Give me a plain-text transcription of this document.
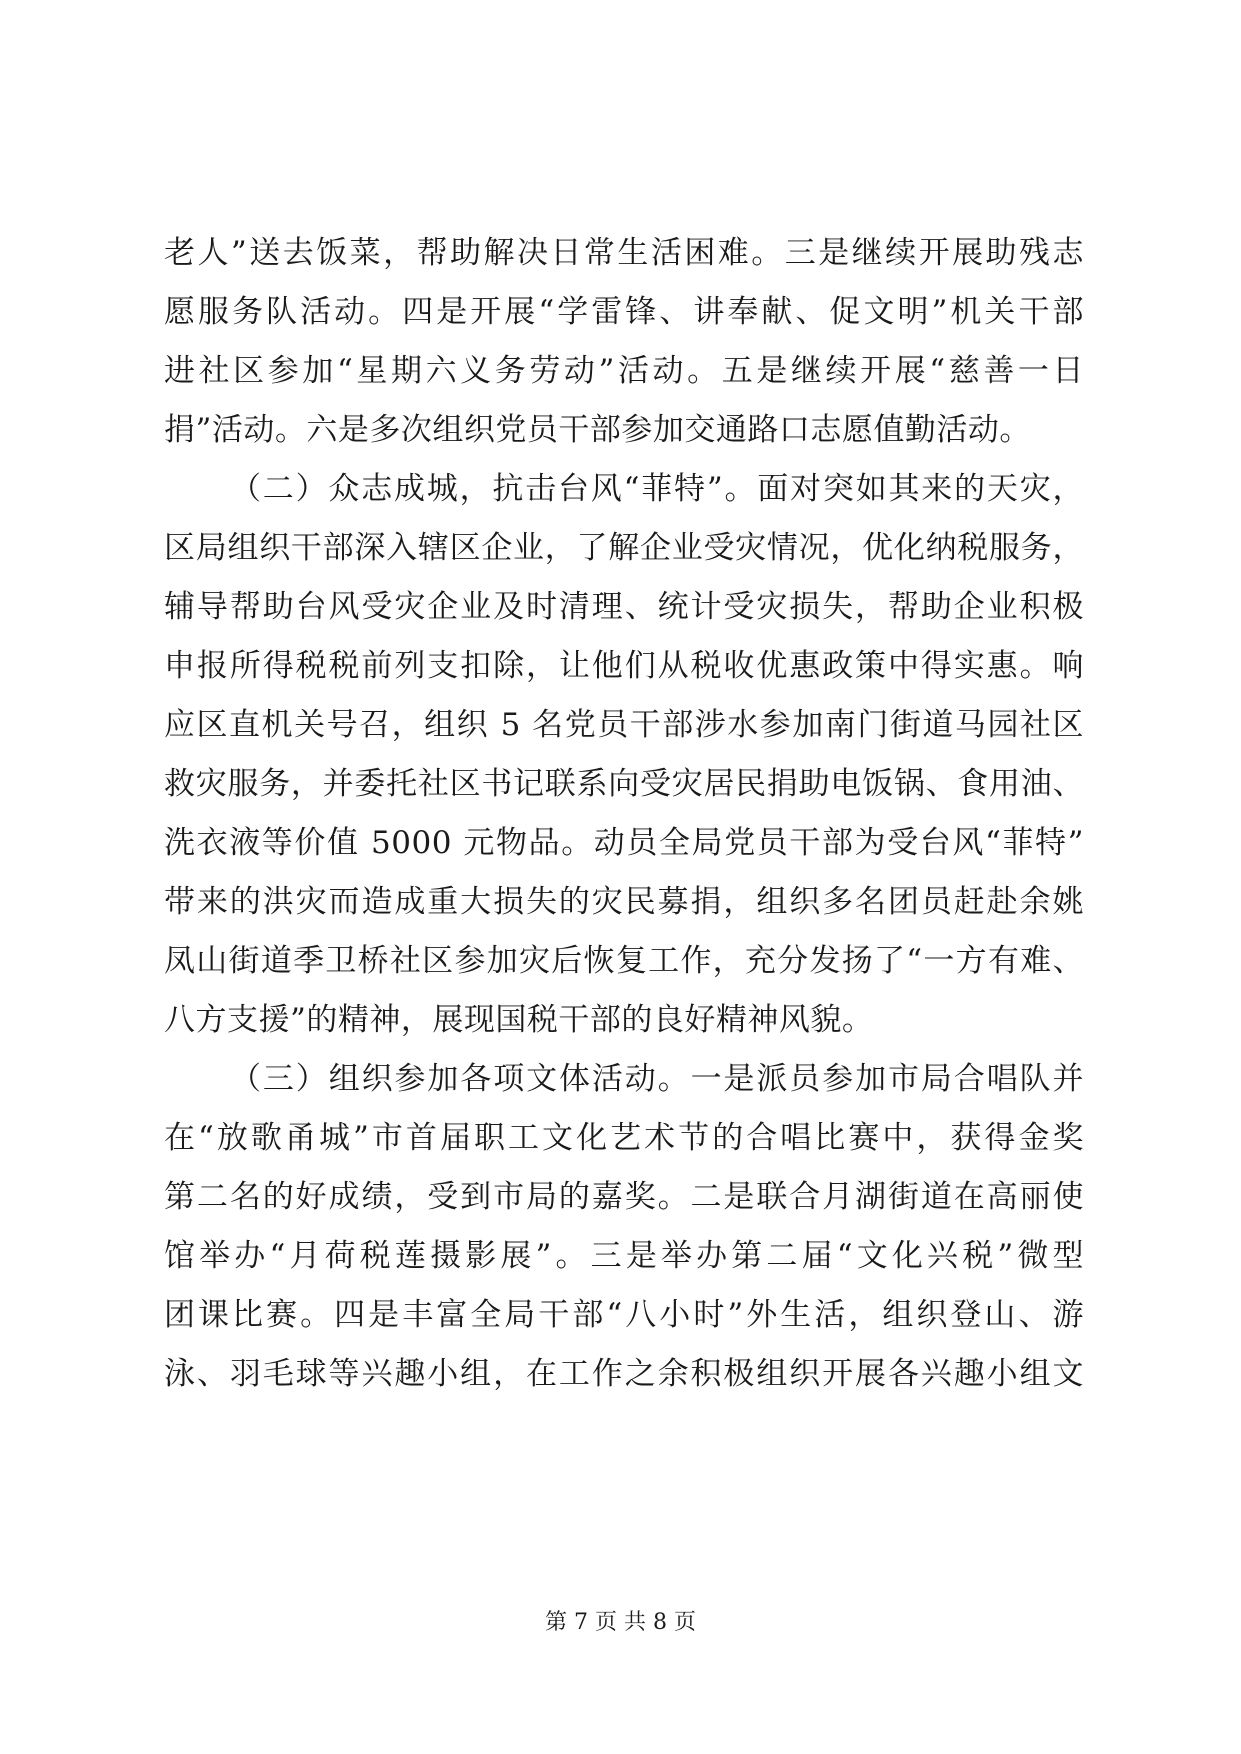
老人”送去饭菜，帮助解决日常生活困难。三是继续开展助残志
愿服务队活动。四是开展“学雷锋、讲奉献、促文明”机关干部
进社区参加“星期六义务劳动”活动。五是继续开展“慈善一日
捐”活动。六是多次组织党员干部参加交通路口志愿值勤活动。
（二）众志成城，抗击台风“菲特”。面对突如其来的天灾，
区局组织干部深入辖区企业，了解企业受灾情况，优化纳税服务，
辅导帮助台风受灾企业及时清理、统计受灾损失，帮助企业积极
申报所得税税前列支扣除，让他们从税收优惠政策中得实惠。响
应区直机关号召，组织 5 名党员干部涉水参加南门街道马园社区
救灾服务，并委托社区书记联系向受灾居民捐助电饭锅、食用油、
洗衣液等价值 5000 元物品。动员全局党员干部为受台风“菲特”
带来的洪灾而造成重大损失的灾民募捐，组织多名团员赶赴余姚
凤山街道季卫桥社区参加灾后恢复工作，充分发扬了“一方有难、
八方支援”的精神，展现国税干部的良好精神风貌。
（三）组织参加各项文体活动。一是派员参加市局合唱队并
在“放歌甬城”市首届职工文化艺术节的合唱比赛中，获得金奖
第二名的好成绩，受到市局的嘉奖。二是联合月湖街道在高丽使
馆举办“月荷税莲摄影展”。三是举办第二届“文化兴税”微型
团课比赛。四是丰富全局干部“八小时”外生活，组织登山、游
泳、羽毛球等兴趣小组，在工作之余积极组织开展各兴趣小组文
第 7 页 共 8 页
